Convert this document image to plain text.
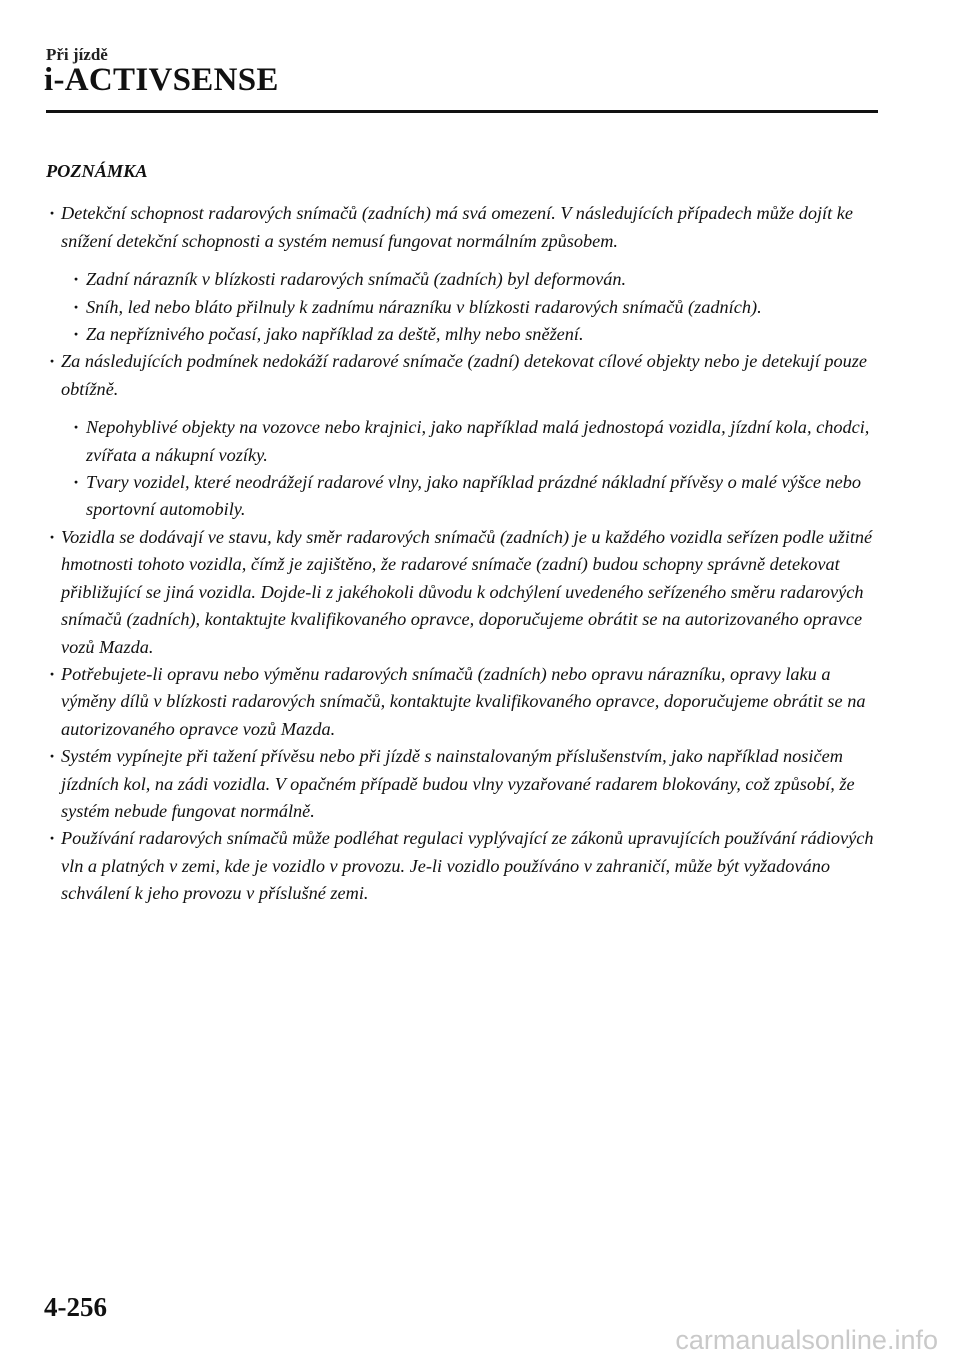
Při jízdě
i-ACTIVSENSE
POZNÁMKA

· Detekční schopnost radarových snímačů (zadních) má svá omezení. V následujících případech může dojít ke snížení detekční schopnosti a systém nemusí fungovat normálním způsobem.

· Zadní nárazník v blízkosti radarových snímačů (zadních) byl deformován.

· Sníh, led nebo bláto přilnuly k zadnímu nárazníku v blízkosti radarových snímačů (zadních).

· Za nepříznivého počasí, jako například za deště, mlhy nebo sněžení.

· Za následujících podmínek nedokáží radarové snímače (zadní) detekovat cílové objekty nebo je detekují pouze obtížně.

· Nepohyblivé objekty na vozovce nebo krajnici, jako například malá jednostopá vozidla, jízdní kola, chodci, zvířata a nákupní vozíky.

· Tvary vozidel, které neodrážejí radarové vlny, jako například prázdné nákladní přívěsy o malé výšce nebo sportovní automobily.

· Vozidla se dodávají ve stavu, kdy směr radarových snímačů (zadních) je u každého vozidla seřízen podle užitné hmotnosti tohoto vozidla, čímž je zajištěno, že radarové snímače (zadní) budou schopny správně detekovat přibližující se jiná vozidla. Dojde-li z jakéhokoli důvodu k odchýlení uvedeného seřízeného směru radarových snímačů (zadních), kontaktujte kvalifikovaného opravce, doporučujeme obrátit se na autorizovaného opravce vozů Mazda.

· Potřebujete-li opravu nebo výměnu radarových snímačů (zadních) nebo opravu nárazníku, opravy laku a výměny dílů v blízkosti radarových snímačů, kontaktujte kvalifikovaného opravce, doporučujeme obrátit se na autorizovaného opravce vozů Mazda.

· Systém vypínejte při tažení přívěsu nebo při jízdě s nainstalovaným příslušenstvím, jako například nosičem jízdních kol, na zádi vozidla. V opačném případě budou vlny vyzařované radarem blokovány, což způsobí, že systém nebude fungovat normálně.

· Používání radarových snímačů může podléhat regulaci vyplývající ze zákonů upravujících používání rádiových vln a platných v zemi, kde je vozidlo v provozu. Je-li vozidlo používáno v zahraničí, může být vyžadováno schválení k jeho provozu v příslušné zemi.

4-256
carmanualsonline.info
